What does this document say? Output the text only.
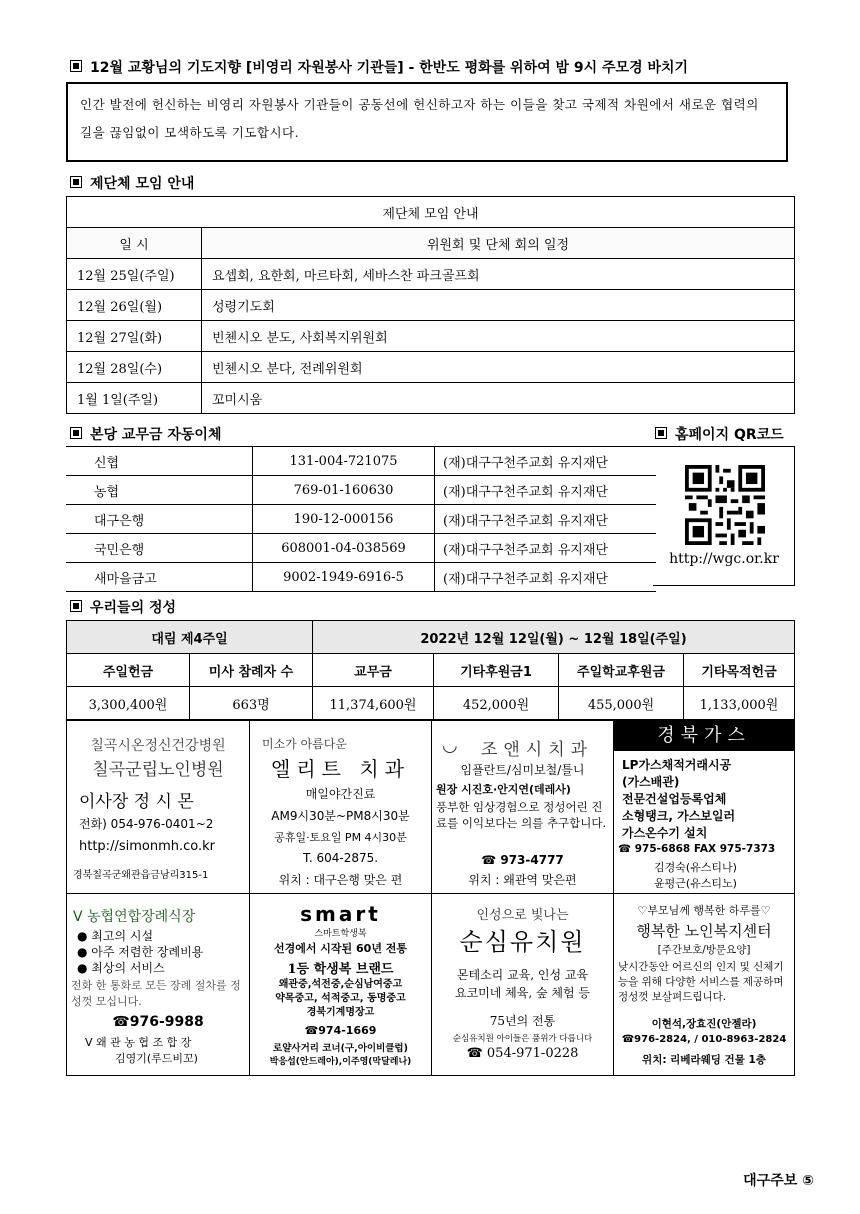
12월 교황님의 기도지향 [비영리 자원봉사 기관들] - 한반도 평화를 위하여 밤 9시 주모경 바치기
인간 발전에 헌신하는 비영리 자원봉사 기관들이 공동선에 헌신하고자 하는 이들을 찾고 국제적 차원에서 새로운 협력의 길을 끊임없이 모색하도록 기도합시다.
제단체 모임 안내
제단체 모임 안내	
일 시	위원회 및 단체 회의 일정
12월 25일(주일)	요셉회, 요한회, 마르타회, 세바스찬 파크골프회
12월 26일(월)	성령기도회
12월 27일(화)	빈첸시오 분도, 사회복지위원회
12월 28일(수)	빈첸시오 분다, 전례위원회
1월 1일(주일)	꼬미시움
본당 교무금 자동이체	홈페이지 QR코드
신협	131-004-721075	(재)대구구천주교회 유지재단
농협	769-01-160630	(재)대구구천주교회 유지재단
대구은행	190-12-000156	(재)대구구천주교회 유지재단
국민은행	608001-04-038569	(재)대구구천주교회 유지재단
새마을금고	9002-1949-6916-5	(재)대구구천주교회 유지재단
http://wgc.or.kr
우리들의 정성
대림 제4주일		2022년 12월 12일(월) ~ 12월 18일(주일)			
주일헌금	미사 참례자 수	교무금	기타후원금1	주일학교후원금	기타목적헌금
3,300,400원	663명	11,374,600원	452,000원	455,000원	1,133,000원
칠곡시온정신건강병원
칠곡군립노인병원
이사장 정 시 몬
전화) 054-976-0401~2
http://simonmh.co.kr
경북칠곡군왜관읍금남리315-1
미소가 아름다운
엘리트 치과
매일야간진료
AM9시30분~PM8시30분
공휴일·토요일 PM 4시30분
T. 604-2875.
위치 : 대구은행 맞은 편
◡	조앤시치과
임플란트/심미보철/틀니
원장 시진호·안지연(데레사)
풍부한 임상경험으로 정성어린 진료를 이익보다는 의를 추구합니다.
☎ 973-4777
위치 : 왜관역 맞은편
경북가스
LP가스채적거래시공
(가스배관)
전문건설업등록업체
소형탱크, 가스보일러
가스온수기 설치
☎ 975-6868 FAX 975-7373
김경숙(유스티나)
윤평근(유스티노)
ᐯ 농협연합장례식장
● 최고의 시설
● 아주 저렴한 장례비용
● 최상의 서비스
전화 한 통화로 모든 장례 절차를 정성껏 모십니다.
☎976-9988
ᐯ 왜 관 농 협 조 합 장
김영기(루드비꼬)
smart
스마트학생복
선경에서 시작된 60년 전통
1등 학생복 브랜드
왜관중,석전중,순심남여중고
약목중고, 석적중고, 동명중고
경북기계명장고
☎974-1669
로얄사거리 코너(구,아이비클럽)
박응섭(안드레아),이주영(막달레나)
인성으로 빛나는
순심유치원
몬테소리 교육, 인성 교육
요코미네 체육, 숲 체험 등
75년의 전통
순심유치원 아이들은 품위가 다릅니다
☎ 054-971-0228
♡부모님께 행복한 하루를♡
행복한 노인복지센터
[주간보호/방문요양]
낮시간동안 어르신의 인지 및 신체기능을 위해 다양한 서비스를 제공하며 정성껏 보살펴드립니다.
이현석,장효진(안젤라)
☎976-2824, / 010-8963-2824
위치: 리베라웨딩 건물 1층
대구주보 ⑤
